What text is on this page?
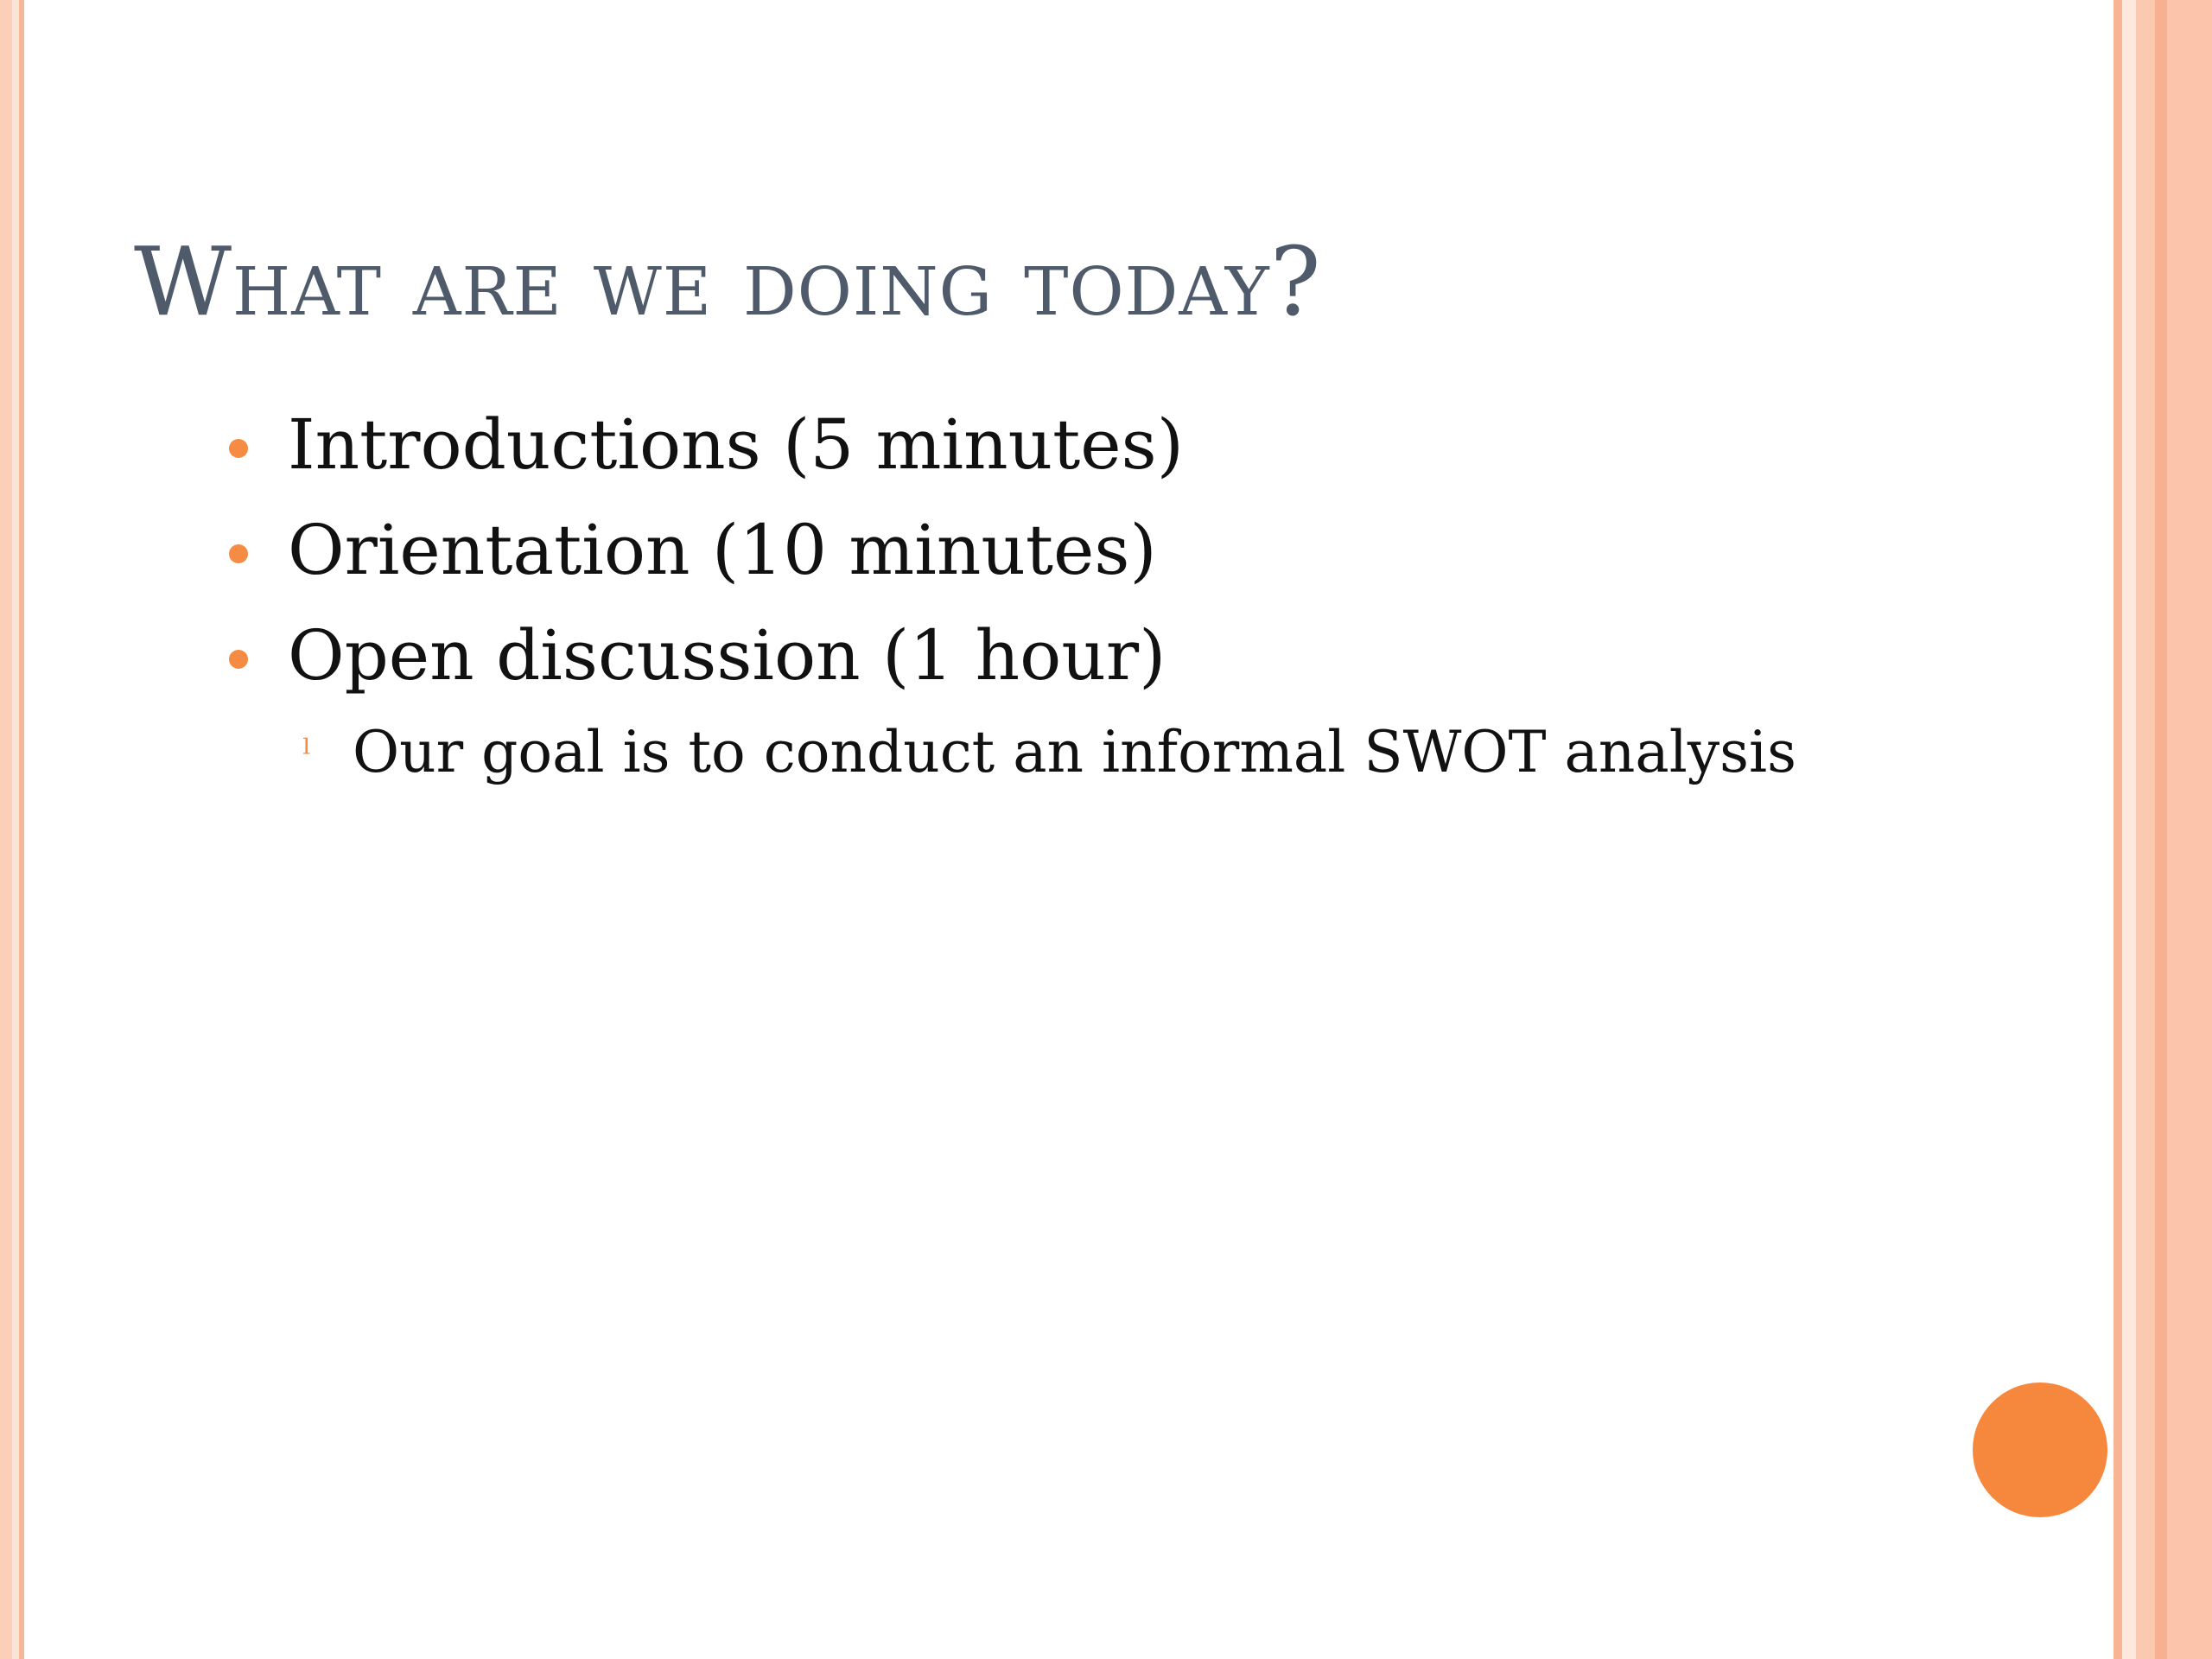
What are we doing today?
Introductions (5 minutes)
Orientation (10 minutes)
Open discussion (1 hour)
ˡ Our goal is to conduct an informal SWOT analysis
